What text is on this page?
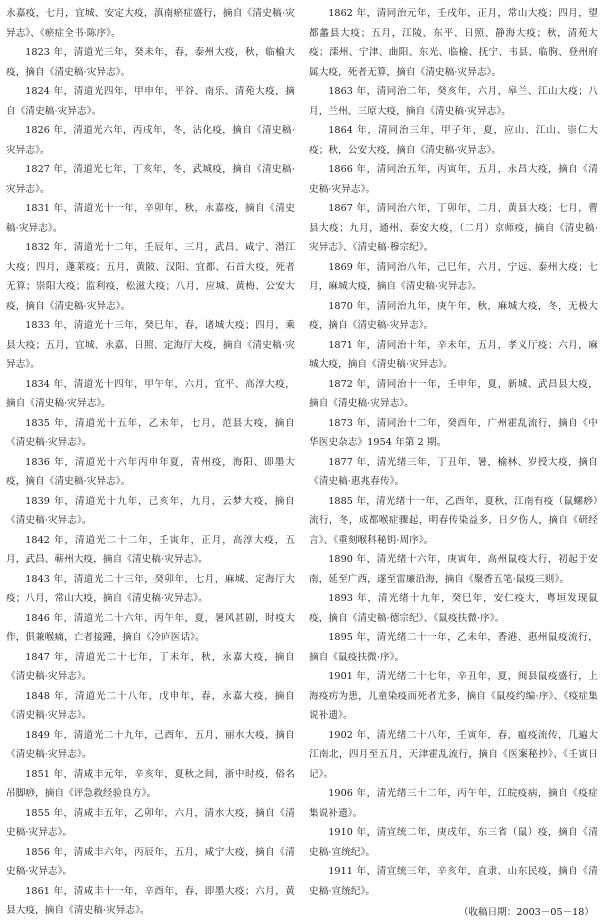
永嘉疫，七月，宜城、安定大疫，滇南瘀症盛行，摘自《清史稿·灾异志》、《瘀症全书·陈序》。

1823 年，清道光三年，癸未年，春，泰州大疫，秋，临榆大疫，摘自《清史稿·灾异志》。

1824 年，清道光四年，甲申年，平谷、南乐、清苑大疫，摘自《清史稿·灾异志》。

1826 年，清道光六年，丙戌年，冬，沾化疫，摘自《清史稿·灾异志》。

1827 年，清道光七年，丁亥年，冬，武城疫，摘自《清史稿·灾异志》。

1831 年，清道光十一年，辛卯年，秋，永嘉疫，摘自《清史稿·灾异志》。

1832 年，清道光十二年，壬辰年，三月，武昌、咸宁、潜江大疫；四月，蓬莱疫；五月，黄陂、汉阳、宜都、石首大疫，死者无算；崇阳大疫；监利疫，松滋大疫；八月，应城、黄梅、公安大疫，摘自《清史稿·灾异志》。

1833 年，清道光十三年，癸巳年，春，诸城大疫；四月，乘县大疫；五月，宜城、永嘉、日照、定海厅大疫，摘自《清史稿·灾异志》。

1834 年，清道光十四年，甲午年，六月，宜平、高淳大疫，摘自《清史稿·灾异志》。

1835 年，清道光十五年，乙未年，七月，范县大疫，摘自《清史稿·灾异志》。

1836 年，清道光十六年丙申年夏，青州疫，海阳、即墨大疫，摘自《清史稿·灾异志》。

1839 年，清道光十九年，己亥年，九月，云梦大疫，摘自《清史稿·灾异志》。

1842 年，清道光二十二年，壬寅年，正月，高淳大疫，五月，武昌、蕲州大疫，摘自《清史稿·灾异志》。

1843 年，清道光二十三年，癸卯年，七月，麻城、定海厅大疫；八月，常山大疫，摘自《清史稿·灾异志》。

1846 年，清道光二十六年，丙午年，夏，暑风甚剧，时疫大作，俱兼喉痛，亡者接踵，摘自《冷庐医话》。

1847 年，清道光二十七年，丁未年，秋，永嘉大疫，摘自《清史稿·灾异志》。

1848 年，清道光二十八年，戊申年，春，永嘉大疫，摘自《清史稿·灾异志》。

1849 年，清道光二十九年，己酉年，五月，丽水大疫，摘自《清史稿·灾异志》。

1851 年，清咸丰元年，辛亥年，夏秋之间，浙中时疫，俗名吊脚痧，摘自《评急救经验良方》。

1855 年，清咸丰五年，乙卯年，六月，清水大疫，摘自《清史稿·灾异志》。

1856 年，清咸丰六年，丙辰年，五月，咸宁大疫，摘自《清史稿·灾异志》。

1861 年，清咸丰十一年，辛酉年，春，即墨大疫；六月，黄县大疫，摘自《清史稿·灾异志》。

1862 年，清同治元年，壬戌年，正月，常山大疫；四月，望都蠡县大疫；五月，江陵、东平、日照、静海大疫；秋，清苑大疫；滦州、宁津、曲阳、东光、临榆、抚宁、韦县、临朐、登州府属大疫，死者无算，摘自《清史稿·灾异志》。

1863 年，清同治二年，癸亥年，六月，皋兰、江山大疫；八月，兰州、三原大疫，摘自《清史稿·灾异志》。

1864 年，清同治三年，甲子年，夏，应山、江山、崇仁大疫；秋，公安大疫，摘自《清史稿·灾异志》。

1866 年，清同治五年，丙寅年，五月，永昌大疫，摘自《清史稿·灾异志》。

1867 年，清同治六年，丁卯年，二月，黄县大疫；七月，曹县大疫；九月，通州、泰安大疫，（二月）京师疫，摘自《清史稿·灾异志》、《清史稿·穆宗纪》。

1869 年，清同治八年，己巳年，六月，宁远、泰州大疫；七月，麻城大疫，摘自《清史稿·灾异志》。

1870 年，清同治九年，庚午年，秋，麻城大疫，冬，无极大疫，摘自《清史稿·灾异志》。

1871 年，清同治十年，辛未年，五月，孝义厅疫；六月，麻城大疫，摘自《清史稿·灾异志》。

1872 年，清同治十一年，壬申年，夏，新城、武昌县大疫，摘自《清史稿·灾异志》。

1873 年，清同治十二年，癸酉年，广州霍乱流行，摘自《中华医史杂志》1954 年第 2 期。

1877 年，清光绪三年，丁丑年，暑，榆林、岁授大疫，摘自《清史稿·惠兆春传》。

1885 年，清光绪十一年，乙酉年，夏秋，江南有疫（鼠螺痧）流行，冬，成都喉症骤起，明春传染益多，日夕伤人，摘自《研经言》、《重刻喉科秘钥·周序》。

1890 年，清光绪十六年，庚寅年，高州鼠疫大行，初起于安南，延至广西，遂至雷廉沿海，摘自《聚香五笔·鼠疫三则》。

1893 年，清光绪十九年，癸巳年，安仁疫大，粤垣发现鼠疫，摘自《清史稿·德宗纪》、《鼠疫扶微·序》。

1895 年，清光绪二十一年，乙未年，香港、惠州鼠疫流行，摘自《鼠疫扶微·序》。

1901 年，清光绪二十七年，辛丑年，夏，闽县鼠疫盛行，上海疫疠为患，儿童染疫而死者尤多，摘自《鼠疫约编·序》、《疫症集说补遗》。

1902 年，清光绪二十八年，壬寅年，春，瘟疫流传，几遍大江南北，四月至五月，天津霍乱流行，摘自《医案秘抄》、《壬寅日记》。

1906 年，清光绪三十二年，丙午年，江皖疫病，摘自《疫症集说补遗》。

1910 年，清宣统二年，庚戌年，东三省（鼠）疫，摘自《清史稿·宣统纪》。

1911 年，清宣统三年，辛亥年，直隶、山东民疫，摘自《清史稿·宣统纪》。

（收稿日期：2003－05－18）
